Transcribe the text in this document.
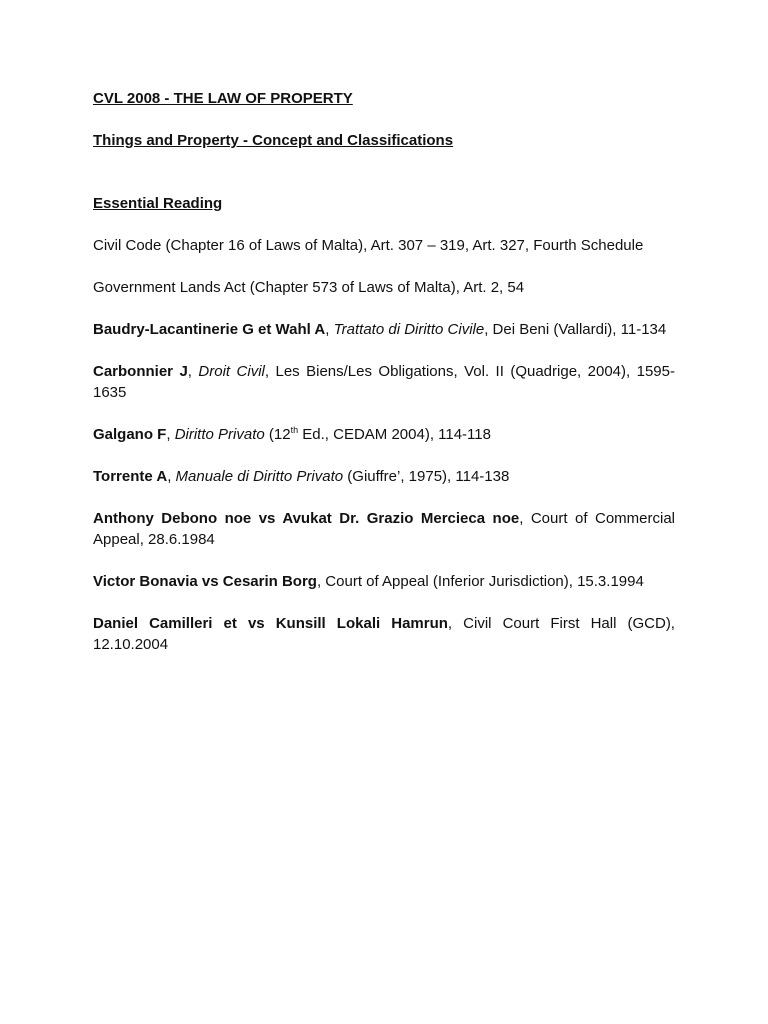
CVL 2008 - THE LAW OF PROPERTY

Things and Property - Concept and Classifications

Essential Reading

Civil Code (Chapter 16 of Laws of Malta), Art. 307 – 319, Art. 327, Fourth Schedule

Government Lands Act (Chapter 573 of Laws of Malta), Art. 2, 54

Baudry-Lacantinerie G et Wahl A, Trattato di Diritto Civile, Dei Beni (Vallardi), 11-134

Carbonnier J, Droit Civil, Les Biens/Les Obligations, Vol. II (Quadrige, 2004), 1595-1635

Galgano F, Diritto Privato (12th Ed., CEDAM 2004), 114-118

Torrente A, Manuale di Diritto Privato (Giuffre’, 1975), 114-138

Anthony Debono noe vs Avukat Dr. Grazio Mercieca noe, Court of Commercial Appeal, 28.6.1984

Victor Bonavia vs Cesarin Borg, Court of Appeal (Inferior Jurisdiction), 15.3.1994

Daniel Camilleri et vs Kunsill Lokali Hamrun, Civil Court First Hall (GCD), 12.10.2004
